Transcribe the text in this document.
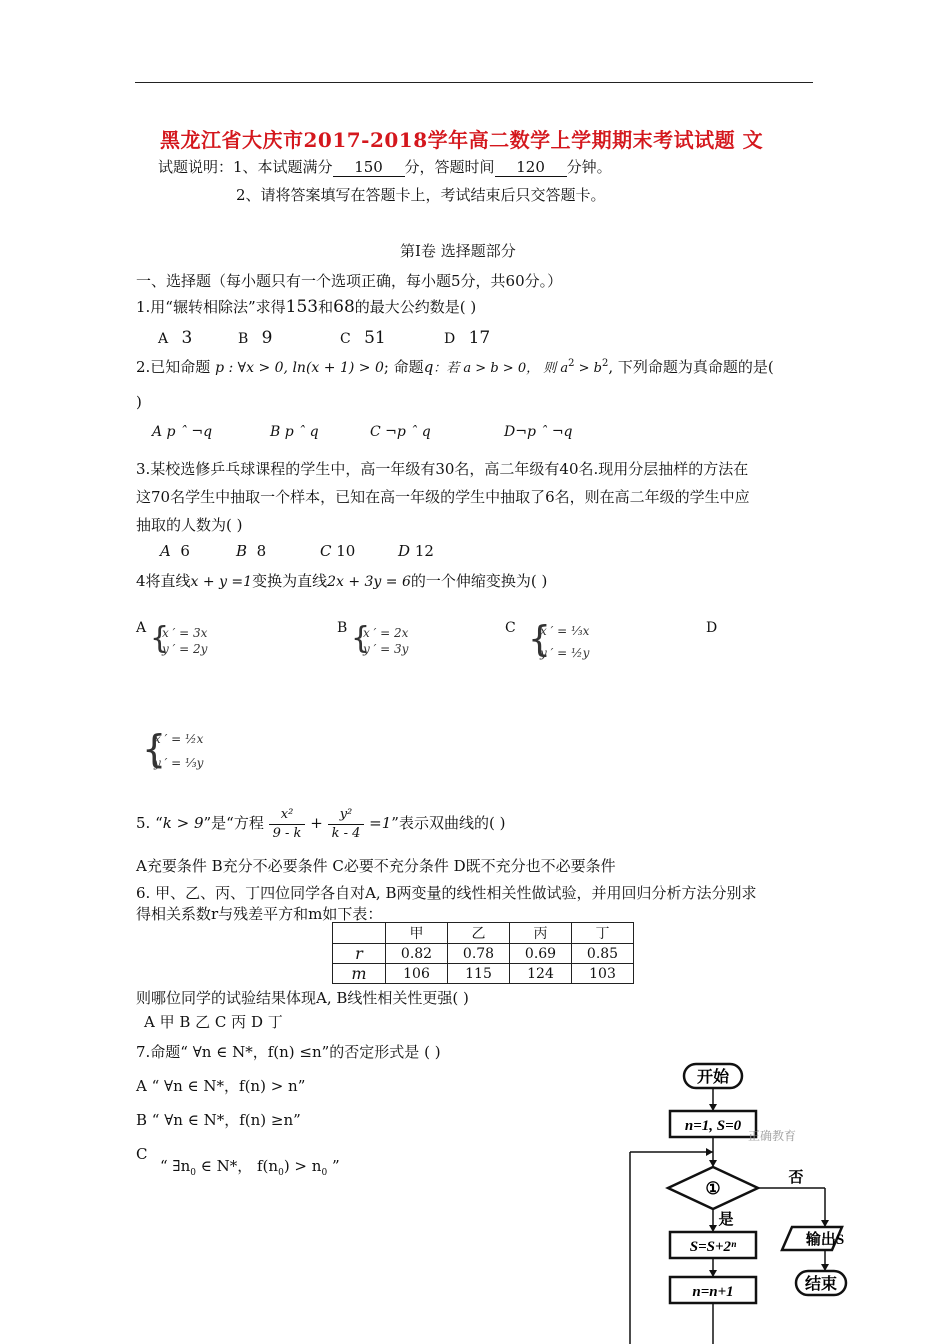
黑龙江省大庆市2017-2018学年高二数学上学期期末考试试题 文
试题说明：1、本试题满分 150 分，答题时间 120 分钟。
2、请将答案填写在答题卡上，考试结束后只交答题卡。
第Ⅰ卷 选择题部分
一、选择题（每小题只有一个选项正确，每小题5分，共60分。）
1.用“辗转相除法”求得153和68的最大公约数是( )
A 3	B 9	C 51	D 17
2.已知命题 p : ∀x > 0, ln(x + 1) > 0; 命题q：若 a > b > 0， 则 $a^2 > b^2$, 下列命题为真命题的是(
)
A p ˆ ¬q	B p ˆ q	C ¬p ˆ q	D¬p ˆ ¬q
3.某校选修乒乓球课程的学生中，高一年级有30名，高二年级有40名.现用分层抽样的方法在
这70名学生中抽取一个样本，已知在高一年级的学生中抽取了6名，则在高二年级的学生中应
抽取的人数为( )
A 6	B 8	C 10	D 12
4将直线x + y =1变换为直线2x + 3y = 6的一个伸缩变换为( )
A {
x ′ = 3x
y ′ = 2y
B {
x ′ = 2x
y ′ = 3y
C {
x ′ = ⅓x
y ′ = ½y
D
{
x ′ = ½x
y ′ = ⅓y
5. “k > 9”是“方程 $\frac{\text{x²}}{9 - k} + \frac{\text{y²}}{k - 4} =1$”表示双曲线的( )
A充要条件 B充分不必要条件 C必要不充分条件 D既不充分也不必要条件
6. 甲、乙、丙、丁四位同学各自对A, B两变量的线性相关性做试验，并用回归分析方法分别求
得相关系数r与残差平方和m如下表：
	甲	乙	丙	丁
r	0.82	0.78	0.69	0.85
m	106	115	124	103
则哪位同学的试验结果体现A, B线性相关性更强( )
A 甲 B 乙 C 丙 D 丁
7.命题“ ∀n ∈ N*，f(n) ≤n”的否定形式是 ( )
A “ ∀n ∈ N*，f(n) > n”
B “ ∀n ∈ N*，f(n) ≥n”
C
“ $\exists n_0$ ∈ N*， $f(n_0) > n_0$ ”
开始
n=1, S=0
正确教育
①
否
输出S
结束
是
S=S+2ⁿ
n=n+1
